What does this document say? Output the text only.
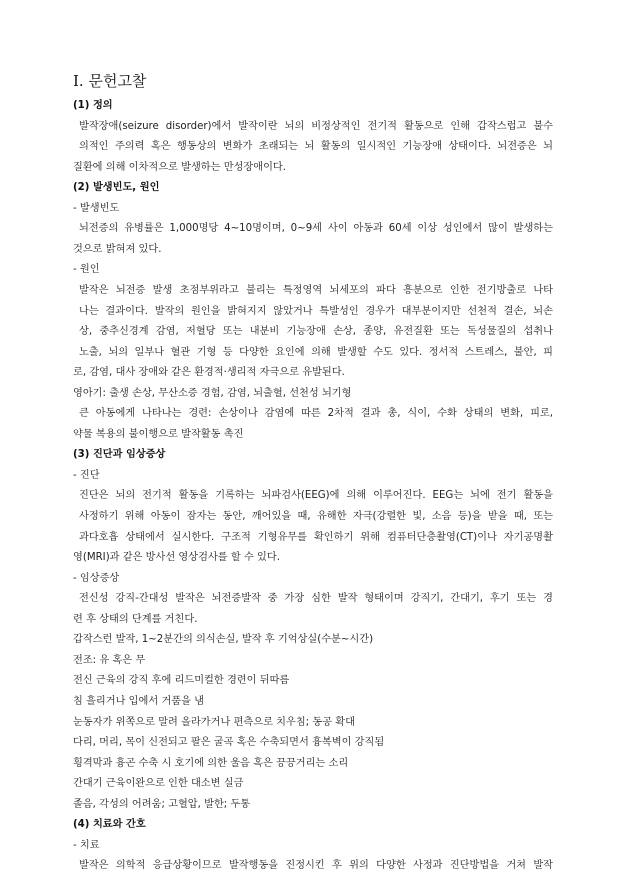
Ⅰ. 문헌고찰
(1) 정의
발작장애(seizure disorder)에서 발작이란 뇌의 비정상적인 전기적 활동으로 인해 갑작스럽고 불수
의적인 주의력 혹은 행동상의 변화가 초래되는 뇌 활동의 일시적인 기능장애 상태이다. 뇌전증은 뇌
질환에 의해 이차적으로 발생하는 만성장애이다.
(2) 발생빈도, 원인
- 발생빈도
뇌전증의 유병률은 1,000명당 4~10명이며, 0~9세 사이 아동과 60세 이상 성인에서 많이 발생하는
것으로 밝혀져 있다.
- 원인
발작은 뇌전증 발생 초점부위라고 불리는 특정영역 뇌세포의 파다 흥분으로 인한 전기방출로 나타
나는 결과이다. 발작의 원인을 밝혀지지 않았거나 특발성인 경우가 대부분이지만 선천적 결손, 뇌손
상, 중추신경계 감염, 저혈당 또는 내분비 기능장애 손상, 종양, 유전질환 또는 독성물질의 섭취나
노출, 뇌의 일부나 혈관 기형 등 다양한 요인에 의해 발생할 수도 있다. 정서적 스트레스, 불안, 피
로, 감염, 대사 장애와 같은 환경적·생리적 자극으로 유발된다.
영아기: 출생 손상, 무산소증 경험, 감염, 뇌출혈, 선천성 뇌기형
큰 아동에게 나타나는 경련: 손상이나 감염에 따른 2차적 결과 총, 식이, 수화 상태의 변화, 피로,
약물 복용의 불이행으로 발작활동 촉진
(3) 진단과 임상증상
- 진단
진단은 뇌의 전기적 활동을 기록하는 뇌파검사(EEG)에 의해 이루어진다. EEG는 뇌에 전기 활동을
사정하기 위해 아동이 잠자는 동안, 깨어있을 때, 유해한 자극(강렬한 빛, 소음 등)을 받을 때, 또는
과다호흡 상태에서 실시한다. 구조적 기형유무를 확인하기 위해 컴퓨터단층촬영(CT)이나 자기공명촬
영(MRI)과 같은 방사선 영상검사를 할 수 있다.
- 임상증상
전신성 강직-간대성 발작은 뇌전증발작 중 가장 심한 발작 형태이며 강직기, 간대기, 후기 또는 경
련 후 상태의 단계를 거친다.
갑작스런 발작, 1~2분간의 의식손실, 발작 후 기억상실(수분~시간)
전조: 유 혹은 무
전신 근육의 강직 후에 리드미컬한 경련이 뒤따름
침 흘리거나 입에서 거품을 냄
눈동자가 위쪽으로 말려 올라가거나 편측으로 치우침; 동공 확대
다리, 머리, 목이 신전되고 팔은 굴곡 혹은 수축되면서 흉복벽이 강직됨
횡격막과 흉곤 수축 시 호기에 의한 울음 혹은 끙끙거리는 소리
간대기 근육이완으로 인한 대소변 실금
졸음, 각성의 어려움; 고혈압, 발한; 두통
(4) 치료와 간호
- 치료
발작은 의학적 응급상황이므로 발작행동을 진정시킨 후 위의 다양한 사정과 진단방법을 거쳐 발작
